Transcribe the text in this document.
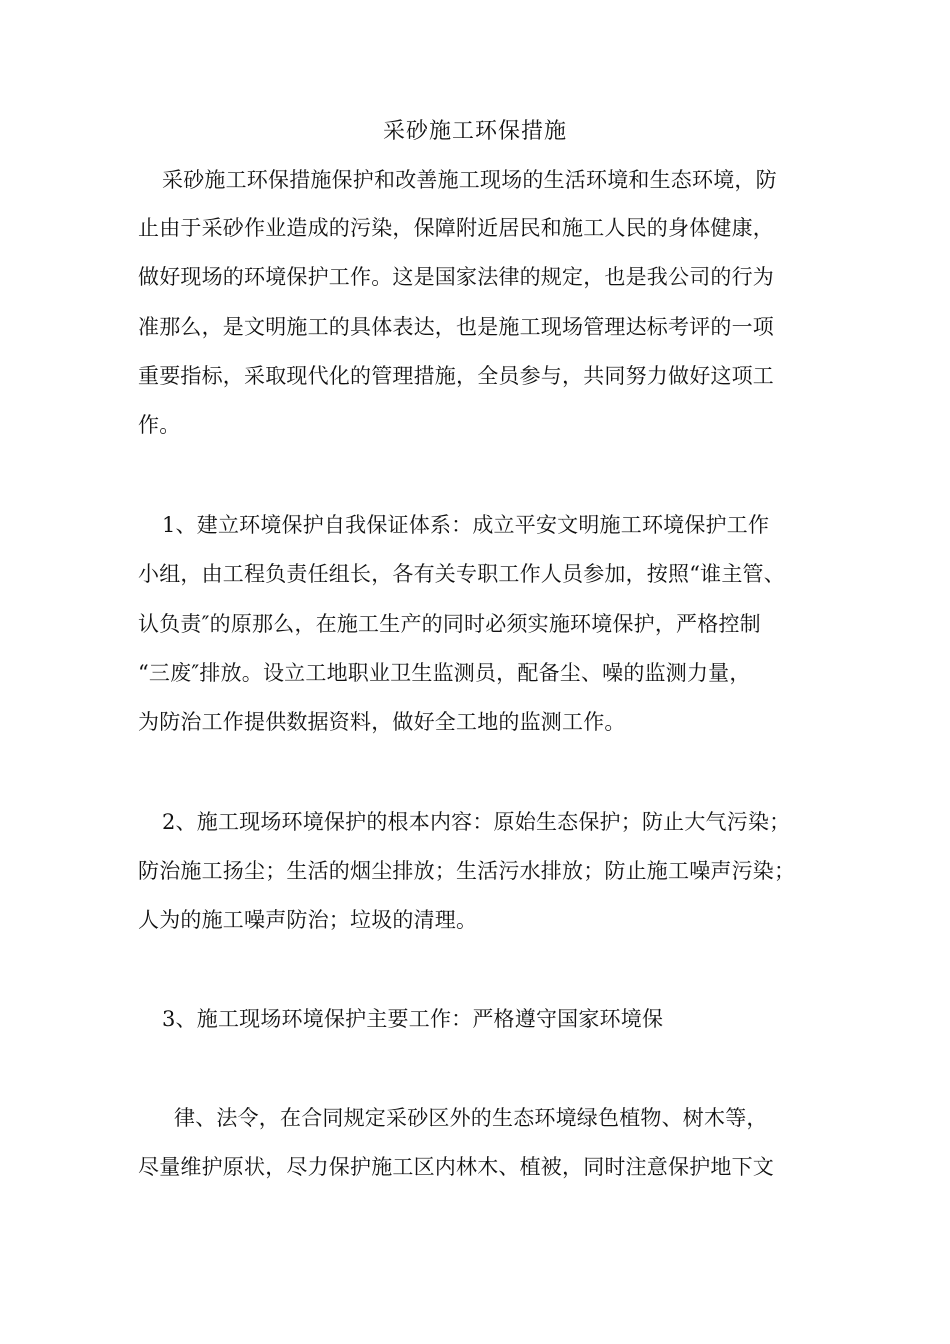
采砂施工环保措施
采砂施工环保措施保护和改善施工现场的生活环境和生态环境，防
止由于采砂作业造成的污染，保障附近居民和施工人民的身体健康，
做好现场的环境保护工作。这是国家法律的规定，也是我公司的行为
准那么，是文明施工的具体表达，也是施工现场管理达标考评的一项
重要指标，采取现代化的管理措施，全员参与，共同努力做好这项工
作。
1、建立环境保护自我保证体系：成立平安文明施工环境保护工作
小组，由工程负责任组长，各有关专职工作人员参加，按照“谁主管、
认负责″的原那么，在施工生产的同时必须实施环境保护，严格控制
“三废″排放。设立工地职业卫生监测员，配备尘、噪的监测力量，
为防治工作提供数据资料，做好全工地的监测工作。
2、施工现场环境保护的根本内容：原始生态保护；防止大气污染；
防治施工扬尘；生活的烟尘排放；生活污水排放；防止施工噪声污染；
人为的施工噪声防治；垃圾的清理。
3、施工现场环境保护主要工作：严格遵守国家环境保
律、法令，在合同规定采砂区外的生态环境绿色植物、树木等，
尽量维护原状，尽力保护施工区内林木、植被，同时注意保护地下文
